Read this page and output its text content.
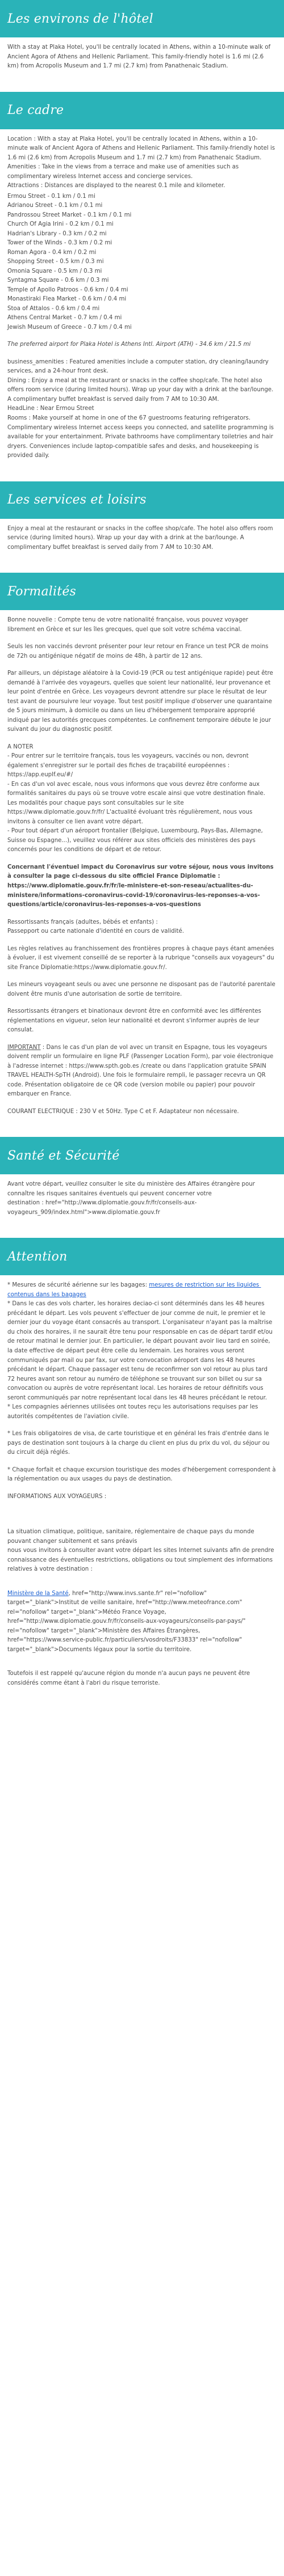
Les environs de l'hôtel

With a stay at Plaka Hotel, you'll be centrally located in Athens, within a 10-minute walk of Ancient Agora of Athens and Hellenic Parliament. This family-friendly hotel is 1.6 mi (2.6 km) from Acropolis Museum and 1.7 mi (2.7 km) from Panathenaic Stadium.

Le cadre

Location : With a stay at Plaka Hotel, you'll be centrally located in Athens, within a 10-minute walk of Ancient Agora of Athens and Hellenic Parliament. This family-friendly hotel is 1.6 mi (2.6 km) from Acropolis Museum and 1.7 mi (2.7 km) from Panathenaic Stadium.
Amenities : Take in the views from a terrace and make use of amenities such as complimentary wireless Internet access and concierge services.
Attractions : Distances are displayed to the nearest 0.1 mile and kilometer.

Ermou Street - 0.1 km / 0.1 mi
Adrianou Street - 0.1 km / 0.1 mi
Pandrossou Street Market - 0.1 km / 0.1 mi
Church Of Agia Irini - 0.2 km / 0.1 mi
Hadrian's Library - 0.3 km / 0.2 mi
Tower of the Winds - 0.3 km / 0.2 mi
Roman Agora - 0.4 km / 0.2 mi
Shopping Street - 0.5 km / 0.3 mi
Omonia Square - 0.5 km / 0.3 mi
Syntagma Square - 0.6 km / 0.3 mi
Temple of Apollo Patroos - 0.6 km / 0.4 mi
Monastiraki Flea Market - 0.6 km / 0.4 mi
Stoa of Attalos - 0.6 km / 0.4 mi
Athens Central Market - 0.7 km / 0.4 mi
Jewish Museum of Greece - 0.7 km / 0.4 mi

The preferred airport for Plaka Hotel is Athens Intl. Airport (ATH) - 34.6 km / 21.5 mi

business_amenities : Featured amenities include a computer station, dry cleaning/laundry services, and a 24-hour front desk.
Dining : Enjoy a meal at the restaurant or snacks in the coffee shop/cafe. The hotel also offers room service (during limited hours). Wrap up your day with a drink at the bar/lounge. A complimentary buffet breakfast is served daily from 7 AM to 10:30 AM.
HeadLine : Near Ermou Street
Rooms : Make yourself at home in one of the 67 guestrooms featuring refrigerators. Complimentary wireless Internet access keeps you connected, and satellite programming is available for your entertainment. Private bathrooms have complimentary toiletries and hair dryers. Conveniences include laptop-compatible safes and desks, and housekeeping is provided daily.

Les services et loisirs

Enjoy a meal at the restaurant or snacks in the coffee shop/cafe. The hotel also offers room service (during limited hours). Wrap up your day with a drink at the bar/lounge. A complimentary buffet breakfast is served daily from 7 AM to 10:30 AM.

Formalités

Bonne nouvelle : Compte tenu de votre nationalité française, vous pouvez voyager librement en Grèce et sur les îles grecques, quel que soit votre schéma vaccinal.

Seuls les non vaccinés devront présenter pour leur retour en France un test PCR de moins de 72h ou antigénique négatif de moins de 48h, à partir de 12 ans.

Par ailleurs, un dépistage aléatoire à la Covid-19 (PCR ou test antigénique rapide) peut être demandé à l'arrivée des voyageurs, quelles que soient leur nationalité, leur provenance et leur point d'entrée en Grèce. Les voyageurs devront attendre sur place le résultat de leur test avant de poursuivre leur voyage. Tout test positif implique d'observer une quarantaine de 5 jours minimum, à domicile ou dans un lieu d'hébergement temporaire approprié indiqué par les autorités grecques compétentes. Le confinement temporaire débute le jour suivant du jour du diagnostic positif.

A NOTER
- Pour entrer sur le territoire français, tous les voyageurs, vaccinés ou non, devront également s'enregistrer sur le portail des fiches de traçabilité européennes : https://app.euplf.eu/#/
- En cas d'un vol avec escale, nous vous informons que vous devrez être conforme aux formalités sanitaires du pays où se trouve votre escale ainsi que votre destination finale.
Les modalités pour chaque pays sont consultables sur le site https://www.diplomatie.gouv.fr/fr/ L'actualité évoluant très régulièrement, nous vous invitons à consulter ce lien avant votre départ.
- Pour tout départ d'un aéroport frontalier (Belgique, Luxembourg, Pays-Bas, Allemagne, Suisse ou Espagne...), veuillez vous référer aux sites officiels des ministères des pays concernés pour les conditions de départ et de retour.

Concernant l'éventuel impact du Coronavirus sur votre séjour, nous vous invitons à consulter la page ci-dessous du site officiel France Diplomatie : https://www.diplomatie.gouv.fr/fr/le-ministere-et-son-reseau/actualites-du-ministere/informations-coronavirus-covid-19/coronavirus-les-reponses-a-vos-questions/article/coronavirus-les-reponses-a-vos-questions

Ressortissants français (adultes, bébés et enfants) :
Passepport ou carte nationale d'identité en cours de validité.

Les règles relatives au franchissement des frontières propres à chaque pays étant amenées à évoluer, il est vivement conseillé de se reporter à la rubrique "conseils aux voyageurs" du site France Diplomatie:https://www.diplomatie.gouv.fr/.

Les mineurs voyageant seuls ou avec une personne ne disposant pas de l'autorité parentale doivent être munis d'une autorisation de sortie de territoire.

Ressortissants étrangers et binationaux devront être en conformité avec les différentes réglementations en vigueur, selon leur nationalité et devront s'informer auprès de leur consulat.

IMPORTANT : Dans le cas d'un plan de vol avec un transit en Espagne, tous les voyageurs doivent remplir un formulaire en ligne PLF (Passenger Location Form), par voie électronique à l'adresse internet : https://www.spth.gob.es /create ou dans l'application gratuite SPAIN TRAVEL HEALTH-SpTH (Android). Une fois le formulaire rempli, le passager recevra un QR code. Présentation obligatoire de ce QR code (version mobile ou papier) pour pouvoir embarquer en France.

COURANT ELECTRIQUE : 230 V et 50Hz. Type C et F. Adaptateur non nécessaire.

Santé et Sécurité

Avant votre départ, veuillez consulter le site du ministère des Affaires étrangère pour connaître les risques sanitaires éventuels qui peuvent concerner votre
destination : href="http://www.diplomatie.gouv.fr/fr/conseils-aux-voyageurs_909/index.html">www.diplomatie.gouv.fr

Attention

* Mesures de sécurité aérienne sur les bagages: mesures de restriction sur les liquides contenus dans les bagages
* Dans le cas des vols charter, les horaires deciao-ci sont déterminés dans les 48 heures précédant le départ. Les vols peuvent s'effectuer de jour comme de nuit, le premier et le dernier jour du voyage étant consacrés au transport. L'organisateur n'ayant pas la maîtrise du choix des horaires, il ne saurait être tenu pour responsable en cas de départ tardif et/ou de retour matinal le dernier jour. En particulier, le départ pouvant avoir lieu tard en soirée, la date effective de départ peut être celle du lendemain. Les horaires vous seront communiqués par mail ou par fax, sur votre convocation aéroport dans les 48 heures précédant le départ. Chaque passager est tenu de reconfirmer son vol retour au plus tard 72 heures avant son retour au numéro de téléphone se trouvant sur son billet ou sur sa convocation ou auprès de votre représentant local. Les horaires de retour définitifs vous seront communiqués par notre représentant local dans les 48 heures précédant le retour.
* Les compagnies aériennes utilisées ont toutes reçu les autorisations requises par les autorités compétentes de l'aviation civile.

* Les frais obligatoires de visa, de carte touristique et en général les frais d'entrée dans le pays de destination sont toujours à la charge du client en plus du prix du vol, du séjour ou du circuit déjà réglés.

* Chaque forfait et chaque excursion touristique des modes d'hébergement correspondent à la réglementation ou aux usages du pays de destination.

INFORMATIONS AUX VOYAGEURS :

La situation climatique, politique, sanitaire, réglementaire de chaque pays du monde pouvant changer subitement et sans préavis
nous vous invitons à consulter avant votre départ les sites Internet suivants afin de prendre connaissance des éventuelles restrictions, obligations ou tout simplement des informations relatives à votre destination :

Ministère de la Santé, href="http://www.invs.sante.fr" rel="nofollow" target="_blank">Institut de veille sanitaire, href="http://www.meteofrance.com" rel="nofollow" target="_blank">Météo France Voyage, href="http://www.diplomatie.gouv.fr/fr/conseils-aux-voyageurs/conseils-par-pays/" rel="nofollow" target="_blank">Ministère des Affaires Étrangères, href="https://www.service-public.fr/particuliers/vosdroits/F33833" rel="nofollow" target="_blank">Documents légaux pour la sortie du territoire.

Toutefois il est rappelé qu'aucune région du monde n'a aucun pays ne peuvent être considérés comme étant à l'abri du risque terroriste.
